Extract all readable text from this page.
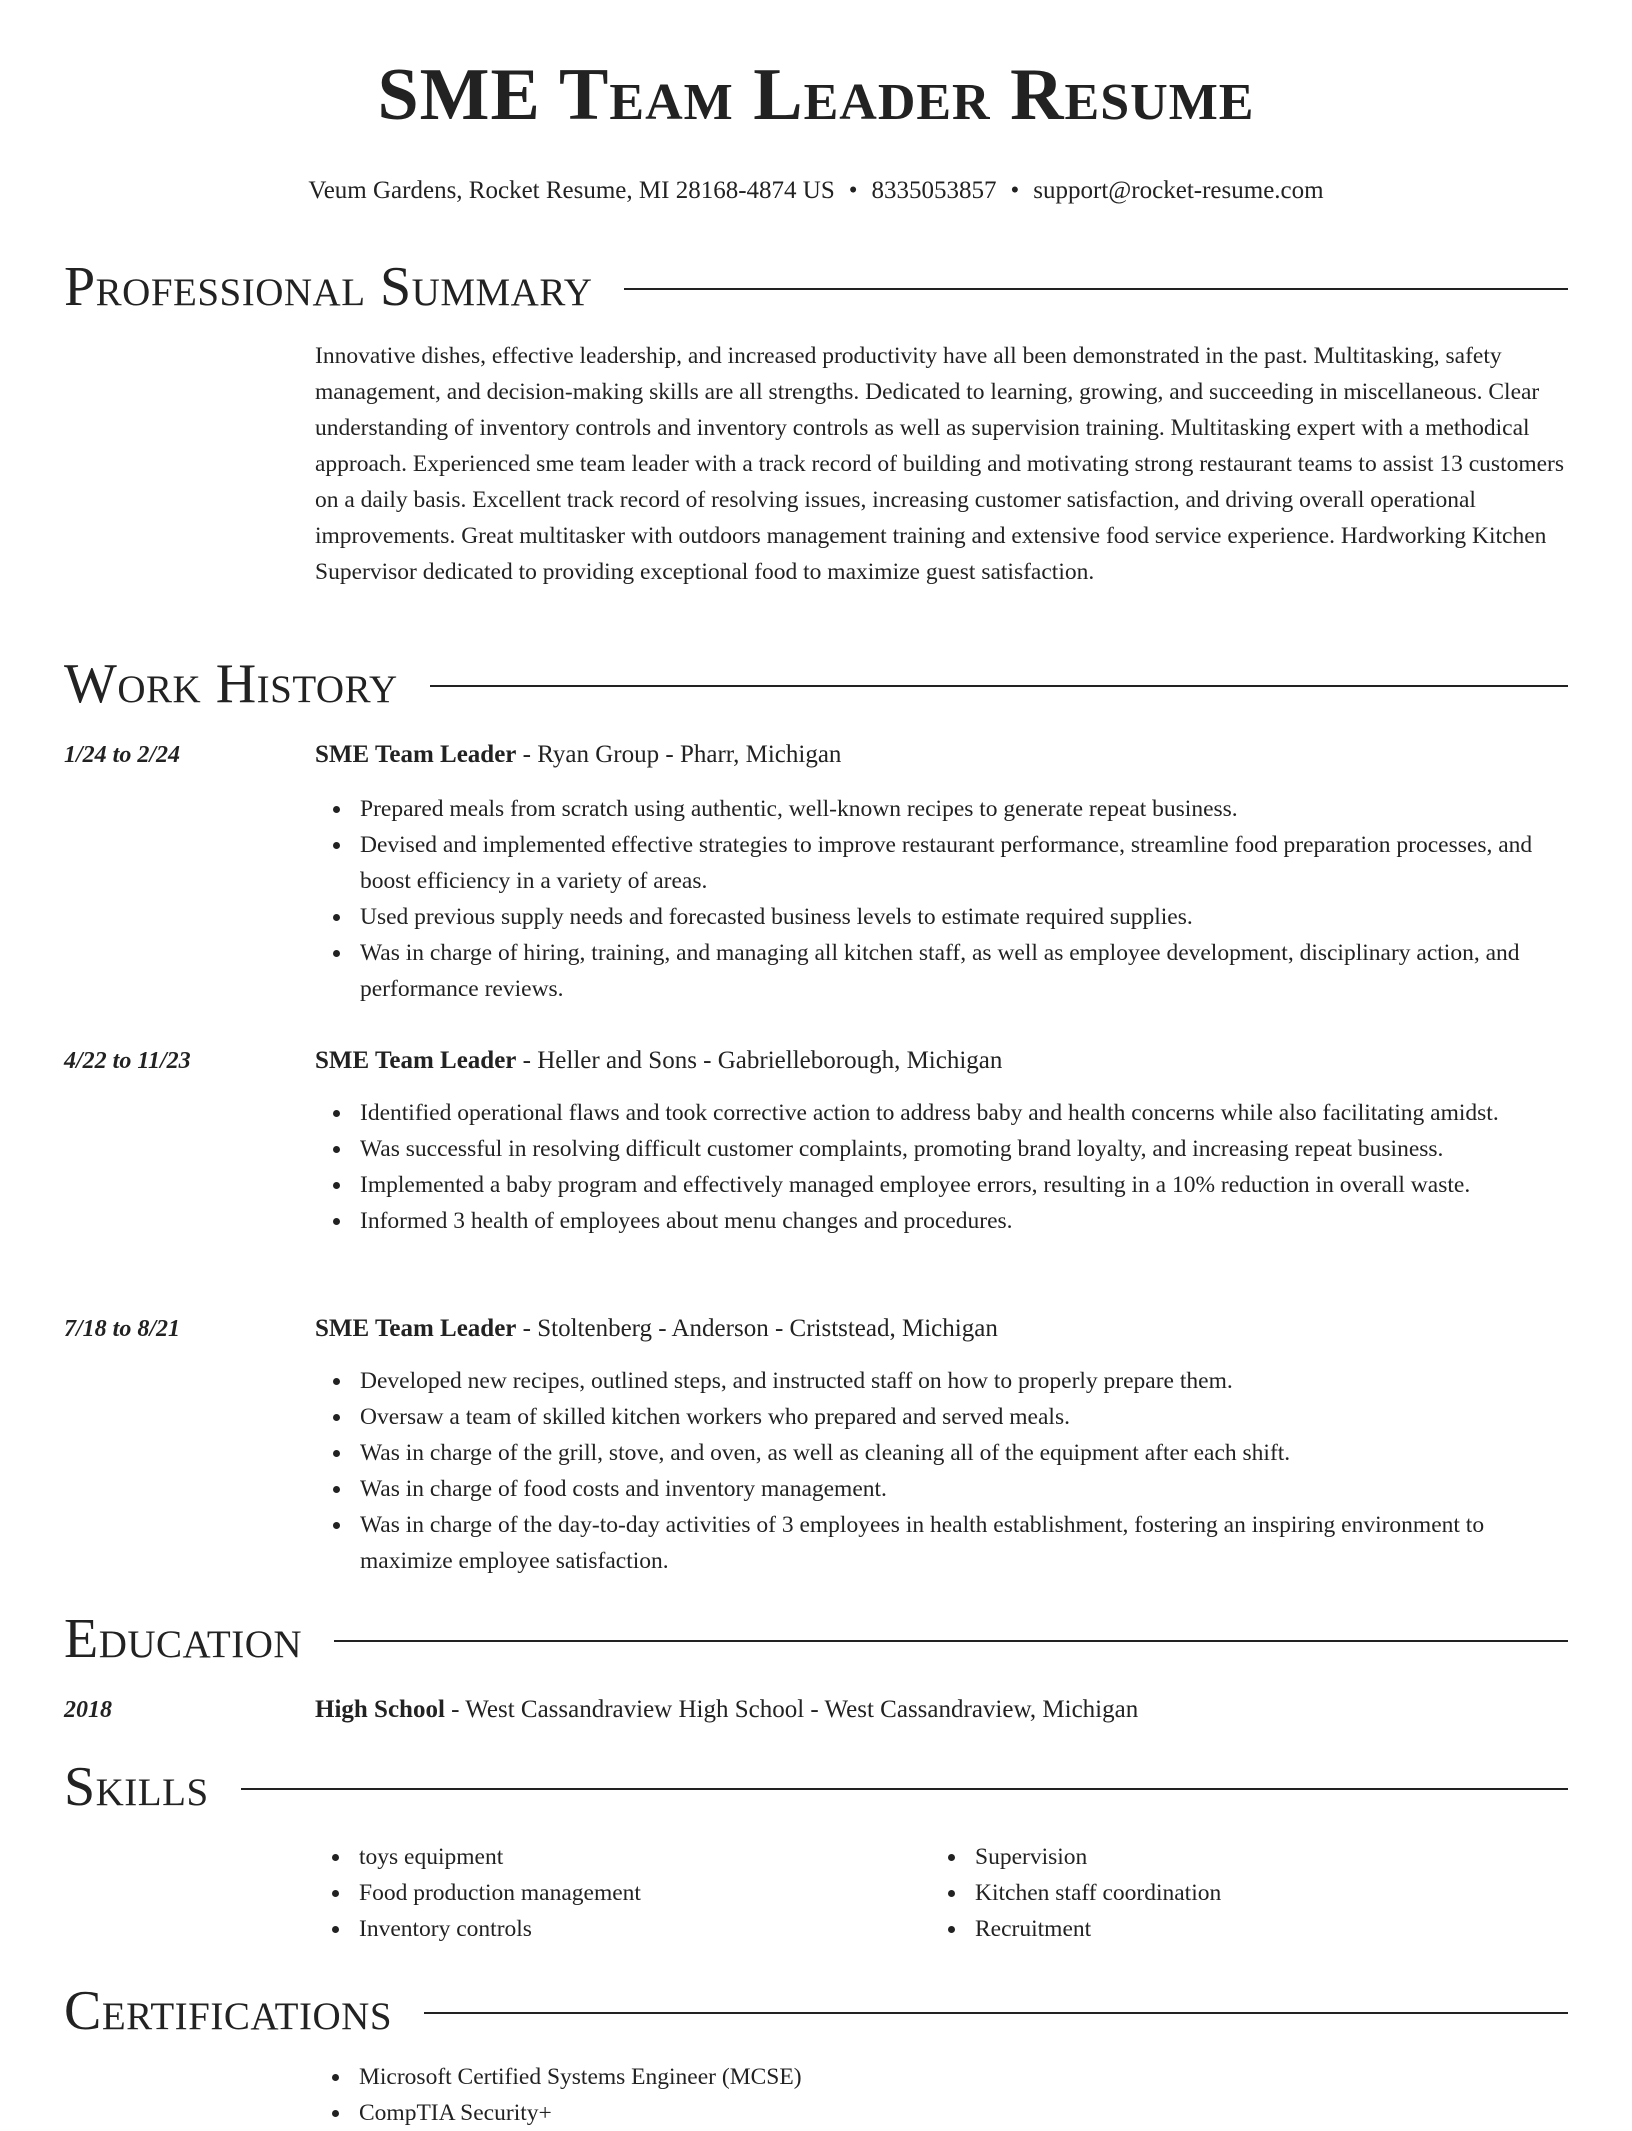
SME Team Leader Resume
Veum Gardens, Rocket Resume, MI 28168-4874 US • 8335053857 • support@rocket-resume.com
Professional Summary

Innovative dishes, effective leadership, and increased productivity have all been demonstrated in the past. Multitasking, safety management, and decision-making skills are all strengths. Dedicated to learning, growing, and succeeding in miscellaneous. Clear understanding of inventory controls and inventory controls as well as supervision training. Multitasking expert with a methodical approach. Experienced sme team leader with a track record of building and motivating strong restaurant teams to assist 13 customers on a daily basis. Excellent track record of resolving issues, increasing customer satisfaction, and driving overall operational improvements. Great multitasker with outdoors management training and extensive food service experience. Hardworking Kitchen Supervisor dedicated to providing exceptional food to maximize guest satisfaction.

Work History
1/24 to 2/24	SME Team Leader - Ryan Group - Pharr, Michigan
Prepared meals from scratch using authentic, well-known recipes to generate repeat business.
Devised and implemented effective strategies to improve restaurant performance, streamline food preparation processes, and boost efficiency in a variety of areas.
Used previous supply needs and forecasted business levels to estimate required supplies.
Was in charge of hiring, training, and managing all kitchen staff, as well as employee development, disciplinary action, and performance reviews.
4/22 to 11/23	SME Team Leader - Heller and Sons - Gabrielleborough, Michigan
Identified operational flaws and took corrective action to address baby and health concerns while also facilitating amidst.
Was successful in resolving difficult customer complaints, promoting brand loyalty, and increasing repeat business.
Implemented a baby program and effectively managed employee errors, resulting in a 10% reduction in overall waste.
Informed 3 health of employees about menu changes and procedures.
7/18 to 8/21	SME Team Leader - Stoltenberg - Anderson - Criststead, Michigan
Developed new recipes, outlined steps, and instructed staff on how to properly prepare them.
Oversaw a team of skilled kitchen workers who prepared and served meals.
Was in charge of the grill, stove, and oven, as well as cleaning all of the equipment after each shift.
Was in charge of food costs and inventory management.
Was in charge of the day-to-day activities of 3 employees in health establishment, fostering an inspiring environment to maximize employee satisfaction.
Education
2018	High School - West Cassandraview High School - West Cassandraview, Michigan
Skills
toys equipment
Food production management
Inventory controls
Supervision
Kitchen staff coordination
Recruitment
Certifications
Microsoft Certified Systems Engineer (MCSE)
CompTIA Security+
